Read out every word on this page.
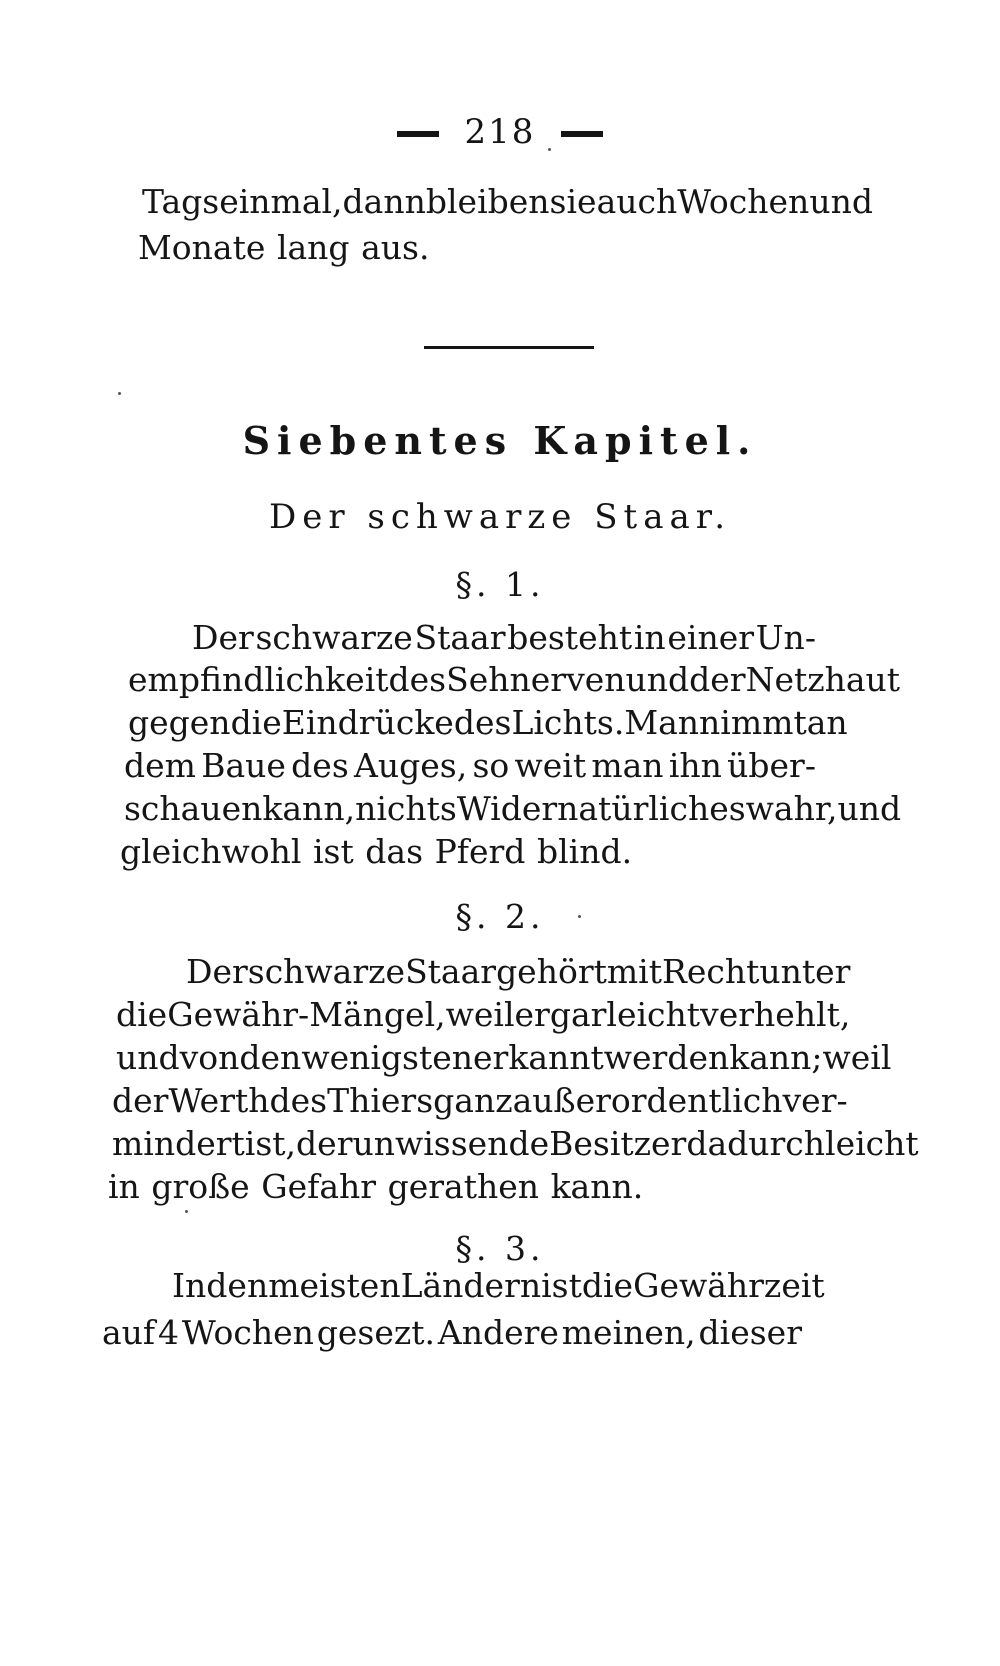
218
Tags einmal, dann bleiben sie auch Wochen und
Monate lang aus.
Siebentes Kapitel.
Der schwarze Staar.
§. 1.
Der schwarze Staar besteht in einer Un-
empfindlichkeit des Sehnerven und der Netzhaut
gegen die Eindrücke des Lichts. Man nimmt an
dem Baue des Auges, so weit man ihn über-
schauen kann, nichts Widernatürliches wahr, und
gleichwohl ist das Pferd blind.
§. 2.
Der schwarze Staar gehört mit Recht unter
die Gewähr-Mängel, weil er gar leicht verhehlt,
und von den wenigsten erkannt werden kann; weil
der Werth des Thiers ganz außerordentlich ver-
mindert ist, der unwissende Besitzer dadurch leicht
in große Gefahr gerathen kann.
§. 3.
In den meisten Ländern ist die Gewährzeit
auf 4 Wochen gesezt. Andere meinen, dieser
